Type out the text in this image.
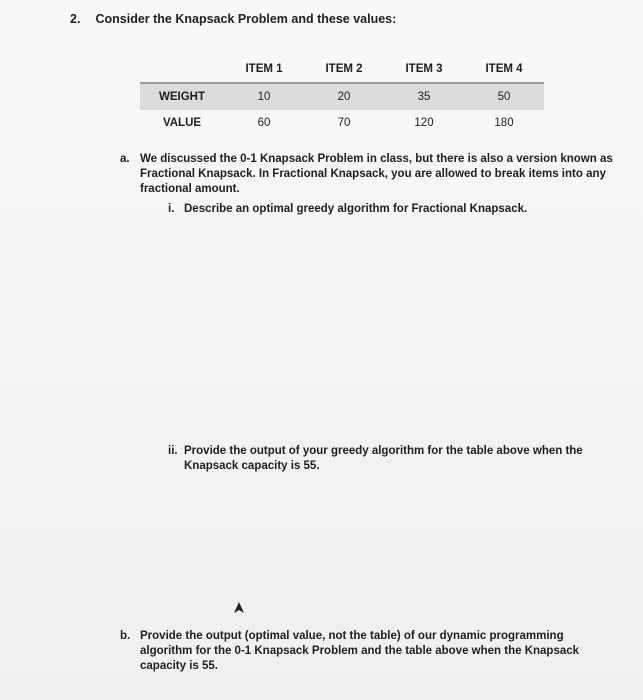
2. Consider the Knapsack Problem and these values:
	ITEM 1	ITEM 2	ITEM 3	ITEM 4
WEIGHT	10	20	35	50
VALUE	60	70	120	180
a. We discussed the 0-1 Knapsack Problem in class, but there is also a version known as Fractional Knapsack. In Fractional Knapsack, you are allowed to break items into any fractional amount.
i. Describe an optimal greedy algorithm for Fractional Knapsack.
ii. Provide the output of your greedy algorithm for the table above when the Knapsack capacity is 55.
b. Provide the output (optimal value, not the table) of our dynamic programming algorithm for the 0-1 Knapsack Problem and the table above when the Knapsack capacity is 55.
